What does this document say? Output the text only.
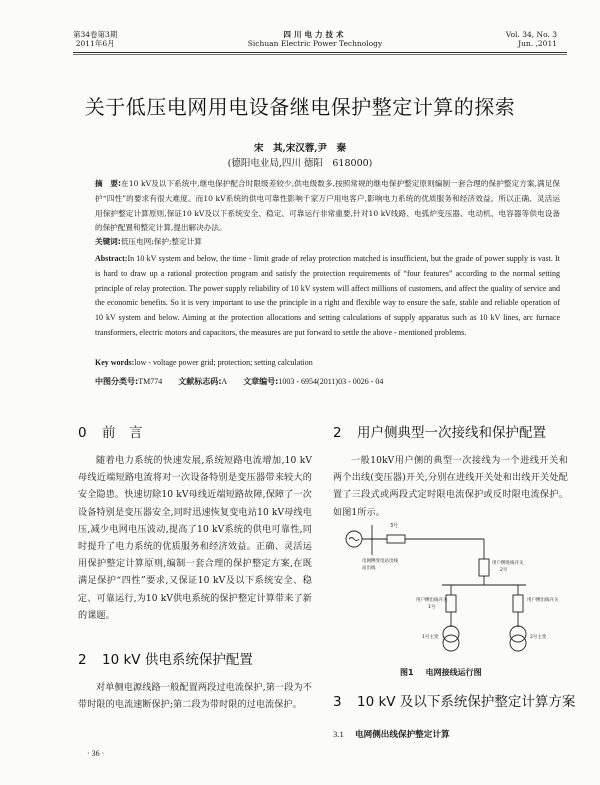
第34卷第3期
2011年6月
四川电力技术
Sichuan Electric Power Technology
Vol. 34, No. 3
Jun. ,2011
关于低压电网用电设备继电保护整定计算的探索
宋　其,宋汉蓉,尹　秦
(德阳电业局,四川 德阳　618000)
摘　要:在10 kV及以下系统中,继电保护配合时限级差较少,供电级数多,按照常规的继电保护整定原则编制一套合理的保护整定方案,满足保护“四性”的要求有很大难度。而10 kV系统的供电可靠性影响千家万户用电客户,影响电力系统的优质服务和经济效益。所以正确、灵活运用保护整定计算原则,保证10 kV及以下系统安全、稳定、可靠运行非常重要,针对10 kV线路、电弧炉变压器、电动机、电容器等供电设备的保护配置和整定计算,提出解决办法。
关键词:低压电网;保护;整定计算
Abstract:In 10 kV system and below, the time - limit grade of relay protection matched is insufficient, but the grade of power supply is vast. It is hard to draw up a rational protection program and satisfy the protection requirements of “four features” according to the normal setting principle of relay protection. The power supply reliability of 10 kV system will affect millions of customers, and affect the quality of service and the economic benefits. So it is very important to use the principle in a right and flexible way to ensure the safe, stable and reliable operation of 10 kV system and below. Aiming at the protection allocations and setting calculations of supply apparatus such as 10 kV lines, arc furnace transformers, electric motors and capacitors, the measures are put forward to settle the above - mentioned problems.
Key words:low - voltage power grid; protection; setting calculation
中图分类号:TM774 文献标志码:A 文章编号:1003 - 6954(2011)03 - 0026 - 04
0 前　言
随着电力系统的快速发展,系统短路电流增加,10 kV母线近端短路电流将对一次设备特别是变压器带来较大的安全隐患。快速切除10 kV母线近端短路故障,保障了一次设备特别是变压器安全,同时迅速恢复变电站10 kV母线电压,减少电网电压波动,提高了10 kV系统的供电可靠性,同时提升了电力系统的优质服务和经济效益。正确、灵活运用保护整定计算原则,编制一套合理的保护整定方案,在既满足保护“四性”要求,又保证10 kV及以下系统安全、稳定、可靠运行,为10 kV供电系统的保护整定计算带来了新的课题。
2 10 kV 供电系统保护配置
对单侧电源线路一般配置两段过电流保护,第一段为不带时限的电流速断保护;第二段为带时限的过电流保护。
· 36 ·
2 用户侧典型一次接线和保护配置
一般10kV用户侧的典型一次接线为一个进线开关和两个出线(变压器)开关,分别在进线开关处和出线开关处配置了三段式或两段式定时限电流保护或反时限电流保护。如图1所示。
3号
电网侧变电站出线
站出线
用户侧进线开关
2号
用户侧出线开关
1号
用户侧出线开关
1号主变	2号主变
图1 电网接线运行图
3 10 kV 及以下系统保护整定计算方案
3.1 电网侧出线保护整定计算
